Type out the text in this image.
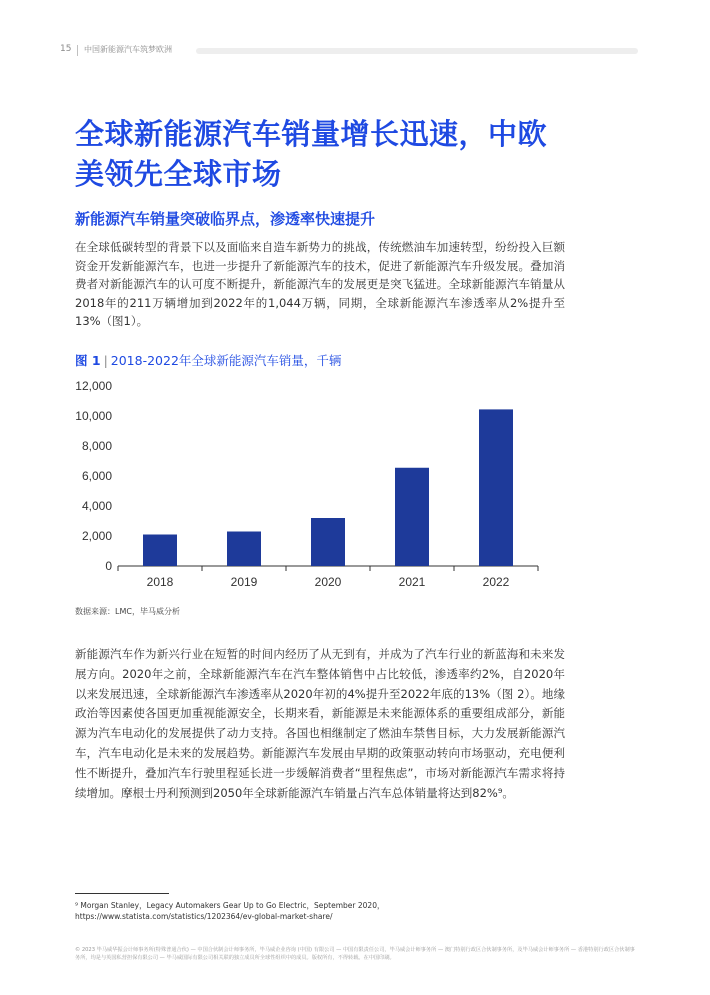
15 中国新能源汽车筑梦欧洲
全球新能源汽车销量增长迅速，中欧美领先全球市场
新能源汽车销量突破临界点，渗透率快速提升

在全球低碳转型的背景下以及面临来自造车新势力的挑战，传统燃油车加速转型，纷纷投入巨额资金开发新能源汽车，也进一步提升了新能源汽车的技术，促进了新能源汽车升级发展。叠加消费者对新能源汽车的认可度不断提升，新能源汽车的发展更是突飞猛进。全球新能源汽车销量从2018年的211万辆增加到2022年的1,044万辆，同期，全球新能源汽车渗透率从2%提升至13%（图1）。

图 1 | 2018-2022年全球新能源汽车销量，千辆
0
2,000
4,000
6,000
8,000
10,000
12,000
2018	2019	2020	2021	2022
数据来源：LMC，毕马威分析

新能源汽车作为新兴行业在短暂的时间内经历了从无到有，并成为了汽车行业的新蓝海和未来发展方向。2020年之前，全球新能源汽车在汽车整体销售中占比较低，渗透率约2%，自2020年以来发展迅速，全球新能源汽车渗透率从2020年初的4%提升至2022年底的13%（图 2）。地缘政治等因素使各国更加重视能源安全，长期来看，新能源是未来能源体系的重要组成部分，新能源为汽车电动化的发展提供了动力支持。各国也相继制定了燃油车禁售目标，大力发展新能源汽车，汽车电动化是未来的发展趋势。新能源汽车发展由早期的政策驱动转向市场驱动，充电便利性不断提升，叠加汽车行驶里程延长进一步缓解消费者“里程焦虑”，市场对新能源汽车需求将持续增加。摩根士丹利预测到2050年全球新能源汽车销量占汽车总体销量将达到82%⁹。

⁹ Morgan Stanley，Legacy Automakers Gear Up to Go Electric，September 2020，
https://www.statista.com/statistics/1202364/ev-global-market-share/
© 2023 毕马威华振会计师事务所(特殊普通合伙) — 中国合伙制会计师事务所，毕马威企业咨询 (中国) 有限公司 — 中国有限责任公司，毕马威会计师事务所 — 澳门特别行政区合伙制事务所，及毕马威会计师事务所 — 香港特别行政区合伙制事务所，均是与英国私营担保有限公司 — 毕马威国际有限公司相关联的独立成员所全球性组织中的成员。版权所有，不得转载。在中国印刷。
